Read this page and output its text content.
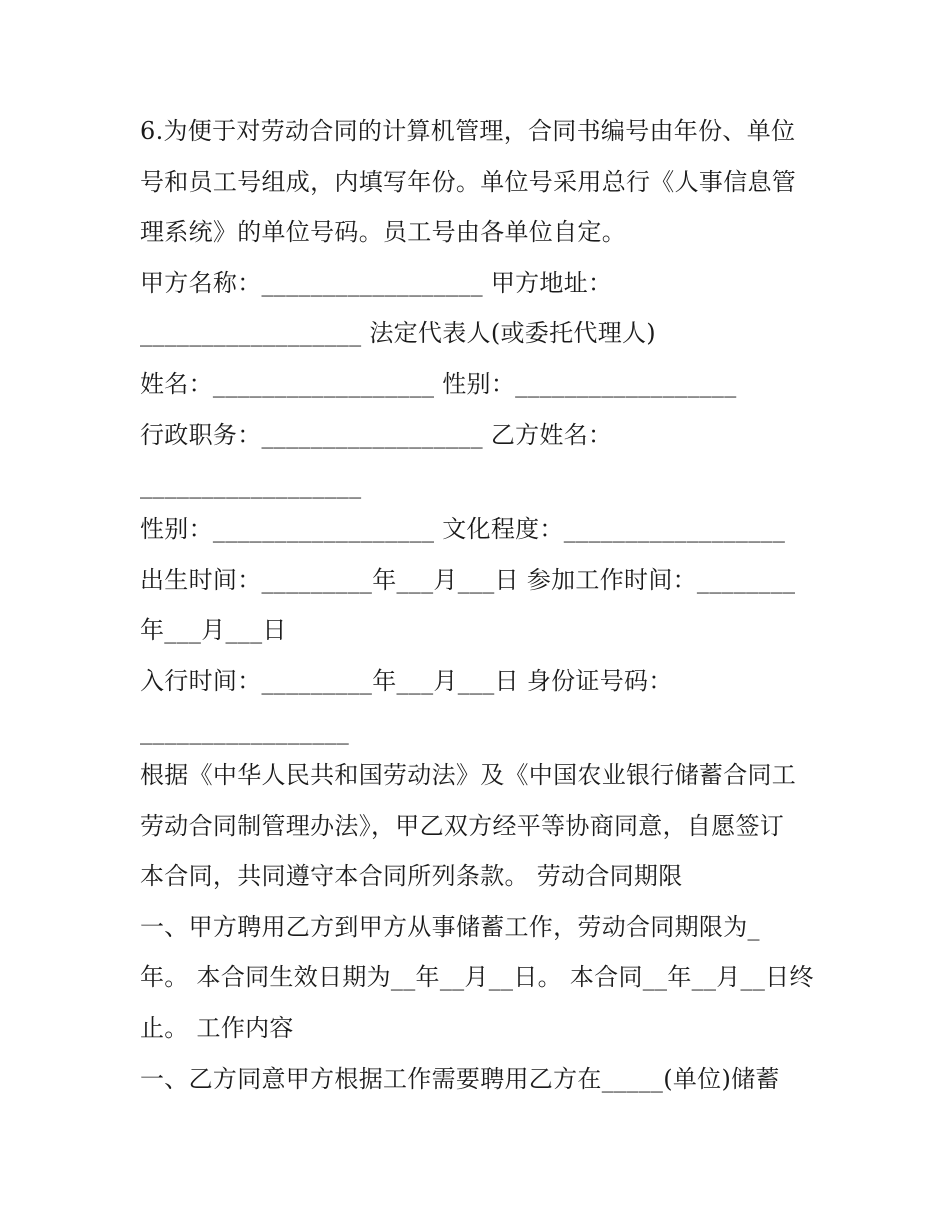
6.为便于对劳动合同的计算机管理，合同书编号由年份、单位
号和员工号组成，内填写年份。单位号采用总行《人事信息管
理系统》的单位号码。员工号由各单位自定。
甲方名称：__________________ 甲方地址：
__________________ 法定代表人(或委托代理人)
姓名：__________________ 性别：__________________
行政职务：__________________ 乙方姓名：
__________________
性别：__________________ 文化程度：__________________
出生时间：_________年___月___日 参加工作时间：________
年___月___日
入行时间：_________年___月___日 身份证号码：
_________________
根据《中华人民共和国劳动法》及《中国农业银行储蓄合同工
劳动合同制管理办法》，甲乙双方经平等协商同意，自愿签订
本合同，共同遵守本合同所列条款。 劳动合同期限
一、甲方聘用乙方到甲方从事储蓄工作，劳动合同期限为_
年。 本合同生效日期为__年__月__日。 本合同__年__月__日终
止。 工作内容
一、乙方同意甲方根据工作需要聘用乙方在_____(单位)储蓄
